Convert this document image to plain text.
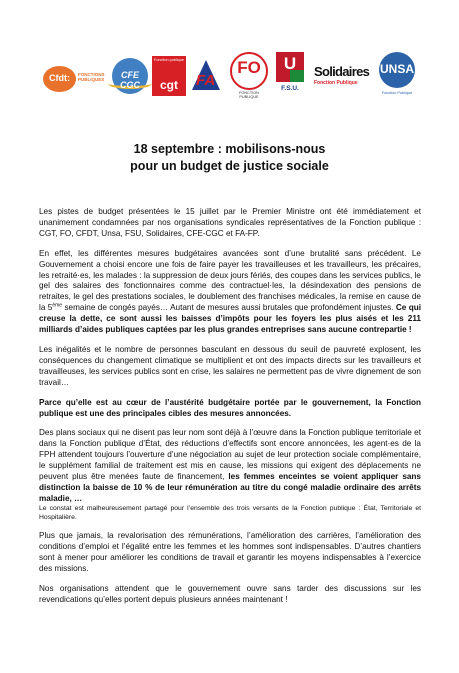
Cfdt:	FONCTIONS PUBLIQUES	CFE CGC
Fonction publique
cgt	FA
FO
FONCTION PUBLIQUE
U
F.S.U.
Solidaires
Fonction Publique
UNSA
Fonction Publique
18 septembre : mobilisons-nous
pour un budget de justice sociale

Les pistes de budget présentées le 15 juillet par le Premier Ministre ont été immédiatement et unanimement condamnées par nos organisations syndicales représentatives de la Fonction publique : CGT, FO, CFDT, Unsa, FSU, Solidaires, CFE-CGC et FA-FP.

En effet, les différentes mesures budgétaires avancées sont d’une brutalité sans précédent. Le Gouvernement a choisi encore une fois de faire payer les travailleuses et les travailleurs, les précaires, les retraité·es, les malades : la suppression de deux jours fériés, des coupes dans les services publics, le gel des salaires des fonctionnaires comme des contractuel·les, la désindexation des pensions de retraites, le gel des prestations sociales, le doublement des franchises médicales, la remise en cause de la 5ème semaine de congés payés… Autant de mesures aussi brutales que profondément injustes. Ce qui creuse la dette, ce sont aussi les baisses d’impôts pour les foyers les plus aisés et les 211 milliards d’aides publiques captées par les plus grandes entreprises sans aucune contrepartie !

Les inégalités et le nombre de personnes basculant en dessous du seuil de pauvreté explosent, les conséquences du changement climatique se multiplient et ont des impacts directs sur les travailleurs et travailleuses, les services publics sont en crise, les salaires ne permettent pas de vivre dignement de son travail…

Parce qu’elle est au cœur de l’austérité budgétaire portée par le gouvernement, la Fonction publique est une des principales cibles des mesures annoncées.

Des plans sociaux qui ne disent pas leur nom sont déjà à l’œuvre dans la Fonction publique territoriale et dans la Fonction publique d’État, des réductions d’effectifs sont encore annoncées, les agent·es de la FPH attendent toujours l’ouverture d’une négociation au sujet de leur protection sociale complémentaire, le supplément familial de traitement est mis en cause, les missions qui exigent des déplacements ne peuvent plus être menées faute de financement, les femmes enceintes se voient appliquer sans distinction la baisse de 10 % de leur rémunération au titre du congé maladie ordinaire des arrêts maladie, …

Le constat est malheureusement partagé pour l’ensemble des trois versants de la Fonction publique : État, Territoriale et Hospitalière.

Plus que jamais, la revalorisation des rémunérations, l’amélioration des carrières, l’amélioration des conditions d’emploi et l’égalité entre les femmes et les hommes sont indispensables. D’autres chantiers sont à mener pour améliorer les conditions de travail et garantir les moyens indispensables à l’exercice des missions.

Nos organisations attendent que le gouvernement ouvre sans tarder des discussions sur les revendications qu’elles portent depuis plusieurs années maintenant !
